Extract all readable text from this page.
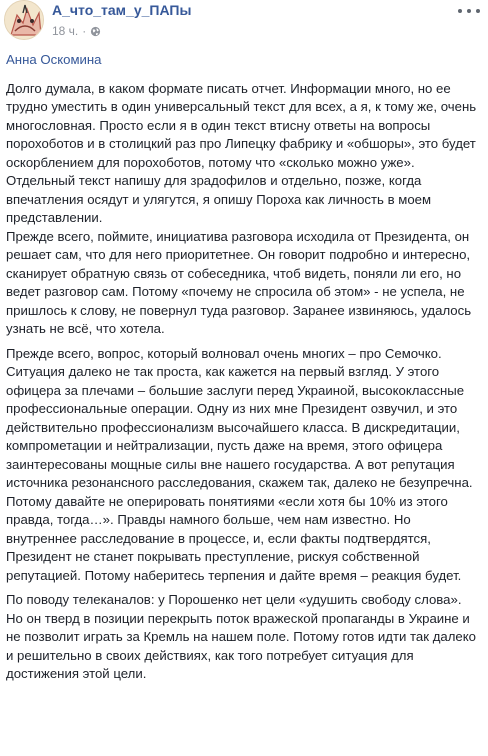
А_что_там_у_ПАПы
18 ч. ·
Анна Оскомина

Долго думала, в каком формате писать отчет. Информации много, но ее трудно уместить в один универсальный текст для всех, а я, к тому же, очень многословная. Просто если я в один текст втисну ответы на вопросы порохоботов и в столицкий раз про Липецку фабрику и «обшоры», это будет оскорблением для порохоботов, потому что «сколько можно уже».

Отдельный текст напишу для зрадофилов и отдельно, позже, когда впечатления осядут и улягутся, я опишу Пороха как личность в моем представлении.

Прежде всего, поймите, инициатива разговора исходила от Президента, он решает сам, что для него приоритетнее. Он говорит подробно и интересно, сканирует обратную связь от собеседника, чтоб видеть, поняли ли его, но ведет разговор сам. Потому «почему не спросила об этом» - не успела, не пришлось к слову, не повернул туда разговор. Заранее извиняюсь, удалось узнать не всё, что хотела.

Прежде всего, вопрос, который волновал очень многих – про Семочко. Ситуация далеко не так проста, как кажется на первый взгляд. У этого офицера за плечами – большие заслуги перед Украиной, высококлассные профессиональные операции. Одну из них мне Президент озвучил, и это действительно профессионализм высочайшего класса. В дискредитации, компрометации и нейтрализации, пусть даже на время, этого офицера заинтересованы мощные силы вне нашего государства. А вот репутация источника резонансного расследования, скажем так, далеко не безупречна. Потому давайте не оперировать понятиями «если хотя бы 10% из этого правда, тогда…». Правды намного больше, чем нам известно. Но внутреннее расследование в процессе, и, если факты подтвердятся, Президент не станет покрывать преступление, рискуя собственной репутацией. Потому наберитесь терпения и дайте время – реакция будет.

По поводу телеканалов: у Порошенко нет цели «удушить свободу слова». Но он тверд в позиции перекрыть поток вражеской пропаганды в Украине и не позволит играть за Кремль на нашем поле. Потому готов идти так далеко и решительно в своих действиях, как того потребует ситуация для достижения этой цели.
